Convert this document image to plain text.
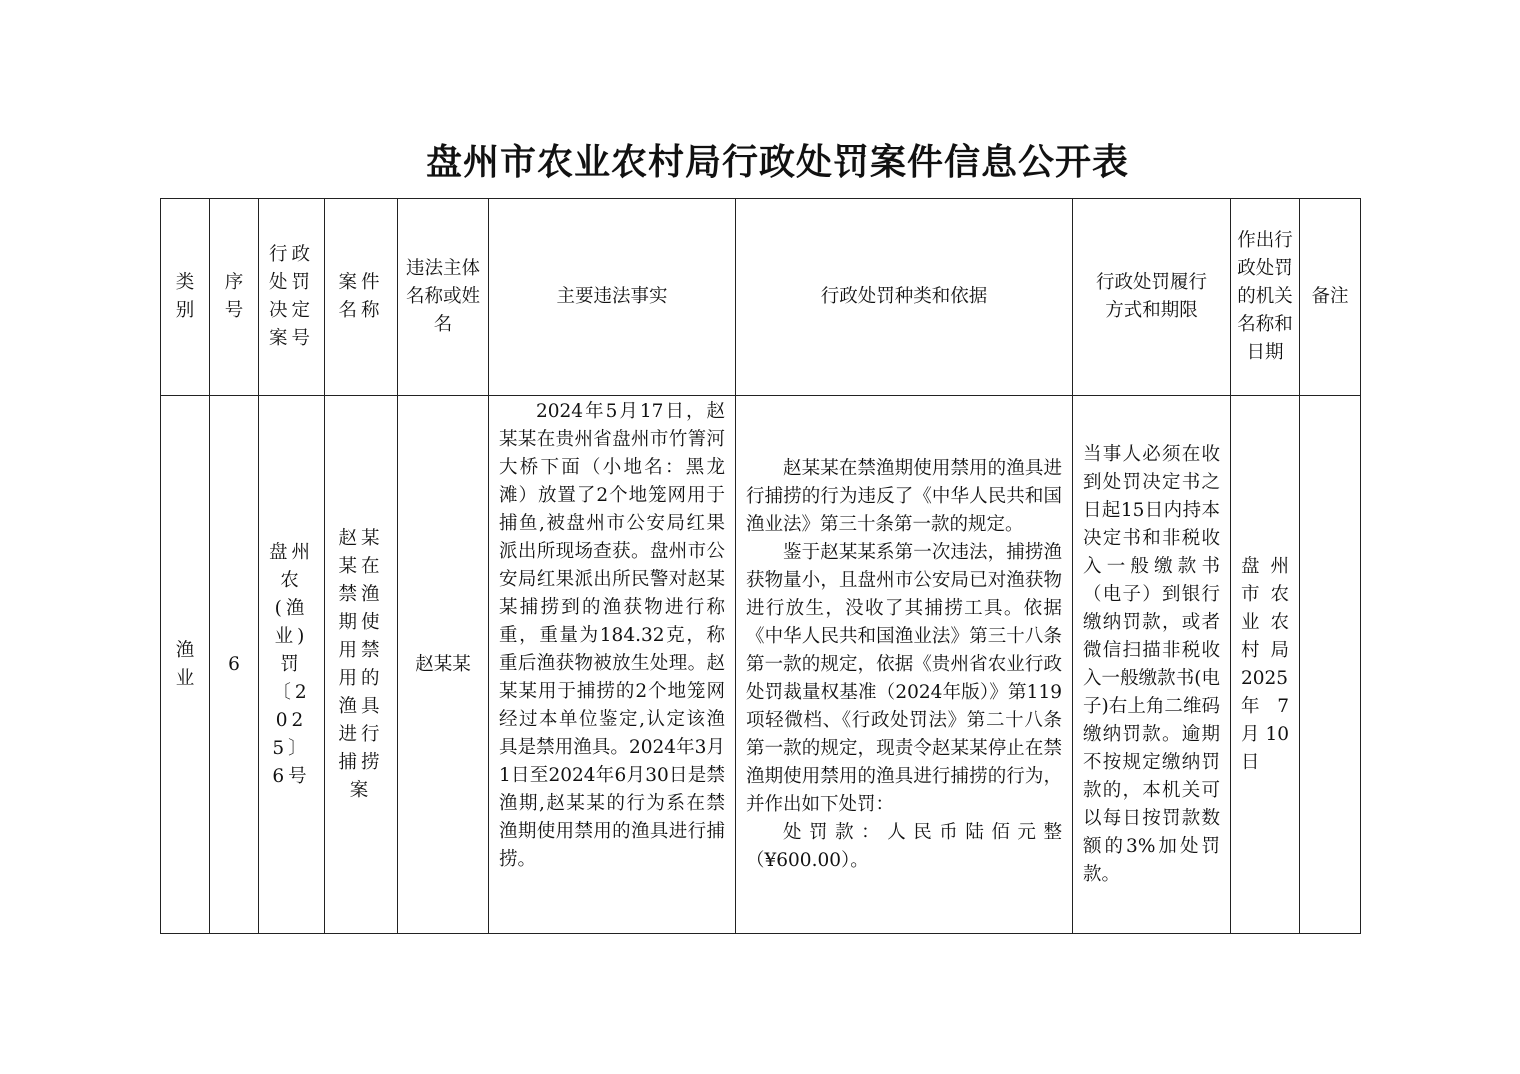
盘州市农业农村局行政处罚案件信息公开表
类别	序号	行政处罚决定案号	案件名称	违法主体名称或姓名	主要违法事实	行政处罚种类和依据	行政处罚履行方式和期限	作出行政处罚的机关名称和日期	备注
渔业	6	盘州农(渔业)罚〔2025〕6号	赵某某在禁渔期使用禁用的渔具进行捕捞案	赵某某	2024年5月17日，赵某某在贵州省盘州市竹箐河大桥下面（小地名：黑龙滩）放置了2个地笼网用于捕鱼,被盘州市公安局红果派出所现场查获。盘州市公安局红果派出所民警对赵某某捕捞到的渔获物进行称重，重量为184.32克，称重后渔获物被放生处理。赵某某用于捕捞的2个地笼网经过本单位鉴定,认定该渔具是禁用渔具。2024年3月1日至2024年6月30日是禁渔期,赵某某的行为系在禁渔期使用禁用的渔具进行捕捞。	赵某某在禁渔期使用禁用的渔具进行捕捞的行为违反了《中华人民共和国渔业法》第三十条第一款的规定。
鉴于赵某某系第一次违法，捕捞渔获物量小，且盘州市公安局已对渔获物进行放生，没收了其捕捞工具。依据《中华人民共和国渔业法》第三十八条第一款的规定，依据《贵州省农业行政处罚裁量权基准（2024年版）》第119项轻微档、《行政处罚法》第二十八条第一款的规定，现责令赵某某停止在禁渔期使用禁用的渔具进行捕捞的行为，并作出如下处罚：
处罚款：人民币陆佰元整（¥600.00）。	当事人必须在收到处罚决定书之日起15日内持本决定书和非税收入一般缴款书（电子）到银行缴纳罚款，或者微信扫描非税收入一般缴款书(电子)右上角二维码缴纳罚款。逾期不按规定缴纳罚款的，本机关可以每日按罚款数额的3%加处罚款。	盘州市农业农村局2025年7月10日	
